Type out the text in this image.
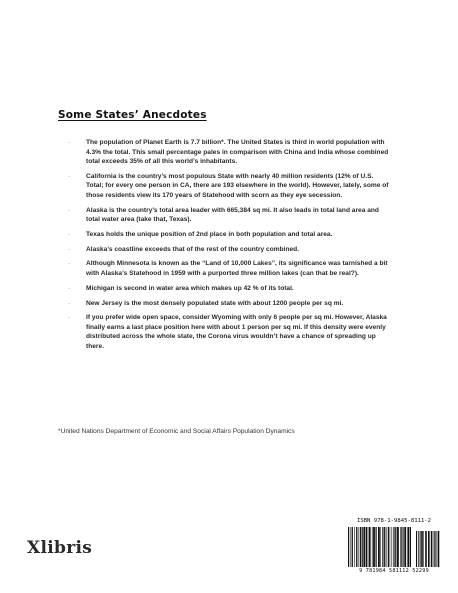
Some States’ Anecdotes
· The population of Planet Earth is 7.7 billion*. The United States is third in world population with 4.3% the total. This small percentage pales in comparison with China and India whose combined total exceeds 35% of all this world’s inhabitants.
· California is the country’s most populous State with nearly 40 million residents (12% of U.S. Total; for every one person in CA, there are 193 elsewhere in the world). However, lately, some of those residents view its 170 years of Statehood with scorn as they eye secession.
· Alaska is the country’s total area leader with 665,384 sq mi. It also leads in total land area and total water area (take that, Texas).
· Texas holds the unique position of 2nd place in both population and total area.
· Alaska’s coastline exceeds that of the rest of the country combined.
· Although Minnesota is known as the “Land of 10,000 Lakes”, its significance was tarnished a bit with Alaska’s Statehood in 1959 with a purported three million lakes (can that be real?).
· Michigan is second in water area which makes up 42 % of its total.
· New Jersey is the most densely populated state with about 1200 people per sq mi.
· If you prefer wide open space, consider Wyoming with only 6 people per sq mi. However, Alaska finally earns a last place position here with about 1 person per sq mi. If this density were evenly distributed across the whole state, the Corona virus wouldn’t have a chance of spreading up there.
*United Nations Department of Economic and Social Affairs Population Dynamics
Xlibris
ISBN 978-1-9845-8111-2
9 781984 581112 52299
